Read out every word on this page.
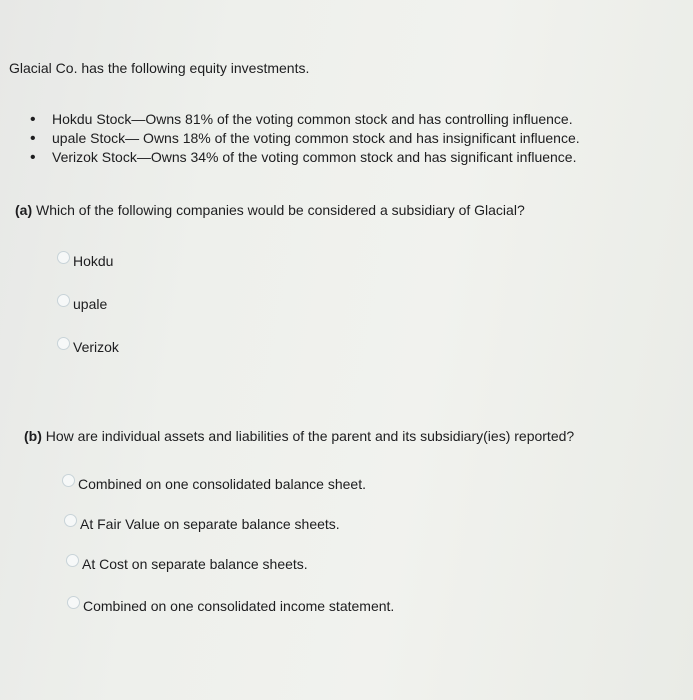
Glacial Co. has the following equity investments.
• Hokdu Stock—Owns 81% of the voting common stock and has controlling influence.
• upale Stock— Owns 18% of the voting common stock and has insignificant influence.
• Verizok Stock—Owns 34% of the voting common stock and has significant influence.
(a) Which of the following companies would be considered a subsidiary of Glacial?
Hokdu
upale
Verizok
(b) How are individual assets and liabilities of the parent and its subsidiary(ies) reported?
Combined on one consolidated balance sheet.
At Fair Value on separate balance sheets.
At Cost on separate balance sheets.
Combined on one consolidated income statement.
